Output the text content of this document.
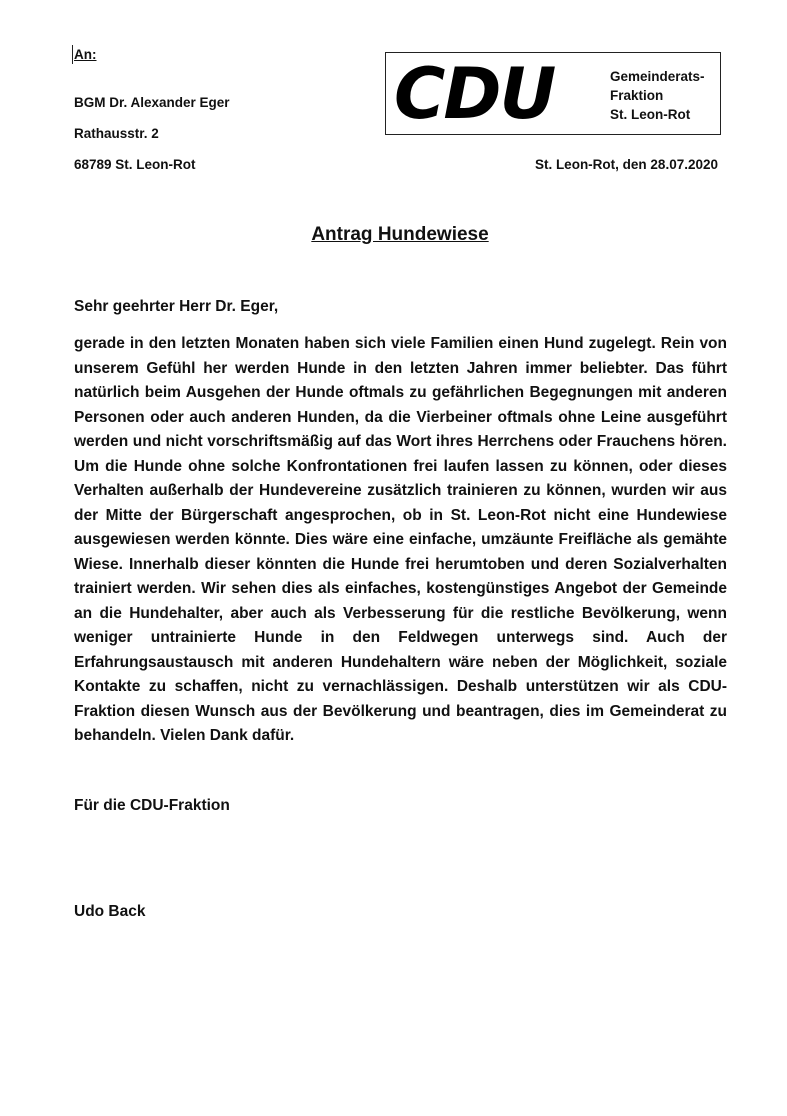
An:
BGM Dr. Alexander Eger
Rathausstr. 2
68789 St. Leon-Rot
CDU	Gemeinderats-
Fraktion
St. Leon-Rot
St. Leon-Rot, den 28.07.2020
Antrag Hundewiese
Sehr geehrter Herr Dr. Eger,
gerade in den letzten Monaten haben sich viele Familien einen Hund zugelegt. Rein von unserem Gefühl her werden Hunde in den letzten Jahren immer beliebter. Das führt natürlich beim Ausgehen der Hunde oftmals zu gefährlichen Begegnungen mit anderen Personen oder auch anderen Hunden, da die Vierbeiner oftmals ohne Leine ausgeführt werden und nicht vorschriftsmäßig auf das Wort ihres Herrchens oder Frauchens hören. Um die Hunde ohne solche Konfrontationen frei laufen lassen zu können, oder dieses Verhalten außerhalb der Hundevereine zusätzlich trainieren zu können, wurden wir aus der Mitte der Bürgerschaft angesprochen, ob in St. Leon-Rot nicht eine Hundewiese ausgewiesen werden könnte. Dies wäre eine einfache, umzäunte Freifläche als gemähte Wiese. Innerhalb dieser könnten die Hunde frei herumtoben und deren Sozialverhalten trainiert werden. Wir sehen dies als einfaches, kostengünstiges Angebot der Gemeinde an die Hundehalter, aber auch als Verbesserung für die restliche Bevölkerung, wenn weniger untrainierte Hunde in den Feldwegen unterwegs sind. Auch der Erfahrungsaustausch mit anderen Hundehaltern wäre neben der Möglichkeit, soziale Kontakte zu schaffen, nicht zu vernachlässigen. Deshalb unterstützen wir als CDU-Fraktion diesen Wunsch aus der Bevölkerung und beantragen, dies im Gemeinderat zu behandeln. Vielen Dank dafür.
Für die CDU-Fraktion
Udo Back
